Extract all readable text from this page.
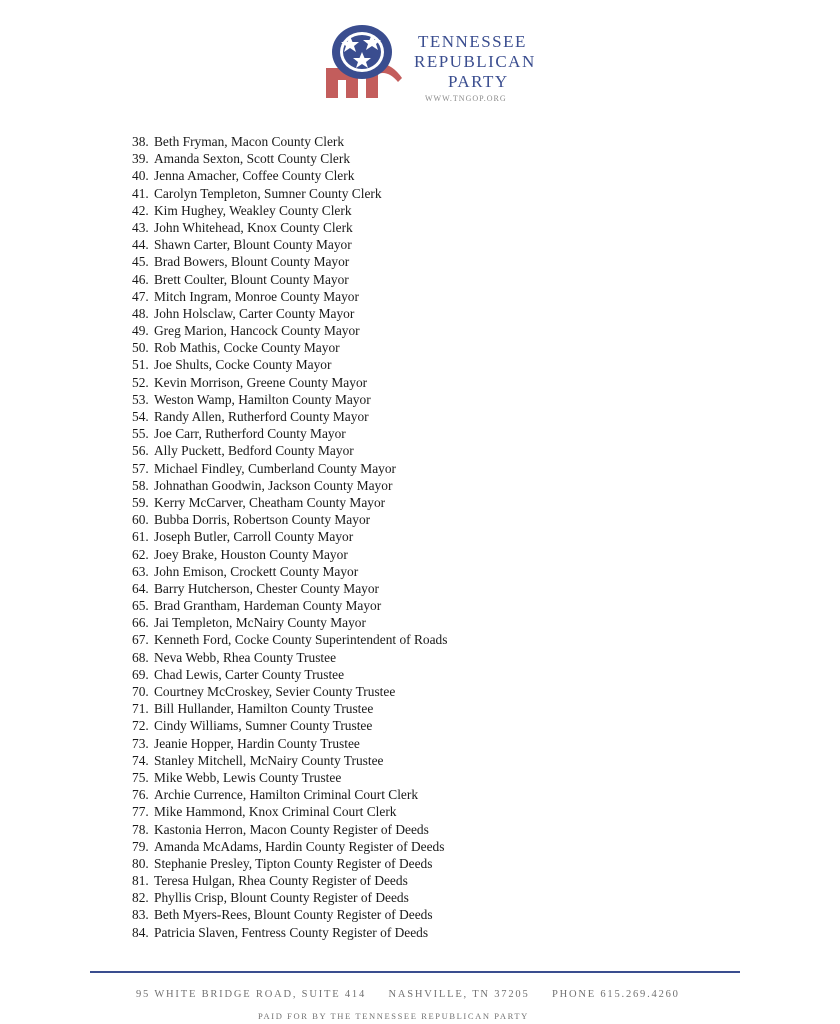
TENNESSEE
REPUBLICAN
PARTY
WWW.TNGOP.ORG
38. Beth Fryman, Macon County Clerk
39. Amanda Sexton, Scott County Clerk
40. Jenna Amacher, Coffee County Clerk
41. Carolyn Templeton, Sumner County Clerk
42. Kim Hughey, Weakley County Clerk
43. John Whitehead, Knox County Clerk
44. Shawn Carter, Blount County Mayor
45. Brad Bowers, Blount County Mayor
46. Brett Coulter, Blount County Mayor
47. Mitch Ingram, Monroe County Mayor
48. John Holsclaw, Carter County Mayor
49. Greg Marion, Hancock County Mayor
50. Rob Mathis, Cocke County Mayor
51. Joe Shults, Cocke County Mayor
52. Kevin Morrison, Greene County Mayor
53. Weston Wamp, Hamilton County Mayor
54. Randy Allen, Rutherford County Mayor
55. Joe Carr, Rutherford County Mayor
56. Ally Puckett, Bedford County Mayor
57. Michael Findley, Cumberland County Mayor
58. Johnathan Goodwin, Jackson County Mayor
59. Kerry McCarver, Cheatham County Mayor
60. Bubba Dorris, Robertson County Mayor
61. Joseph Butler, Carroll County Mayor
62. Joey Brake, Houston County Mayor
63. John Emison, Crockett County Mayor
64. Barry Hutcherson, Chester County Mayor
65. Brad Grantham, Hardeman County Mayor
66. Jai Templeton, McNairy County Mayor
67. Kenneth Ford, Cocke County Superintendent of Roads
68. Neva Webb, Rhea County Trustee
69. Chad Lewis, Carter County Trustee
70. Courtney McCroskey, Sevier County Trustee
71. Bill Hullander, Hamilton County Trustee
72. Cindy Williams, Sumner County Trustee
73. Jeanie Hopper, Hardin County Trustee
74. Stanley Mitchell, McNairy County Trustee
75. Mike Webb, Lewis County Trustee
76. Archie Currence, Hamilton Criminal Court Clerk
77. Mike Hammond, Knox Criminal Court Clerk
78. Kastonia Herron, Macon County Register of Deeds
79. Amanda McAdams, Hardin County Register of Deeds
80. Stephanie Presley, Tipton County Register of Deeds
81. Teresa Hulgan, Rhea County Register of Deeds
82. Phyllis Crisp, Blount County Register of Deeds
83. Beth Myers-Rees, Blount County Register of Deeds
84. Patricia Slaven, Fentress County Register of Deeds
95 WHITE BRIDGE ROAD, SUITE 414 NASHVILLE, TN 37205 PHONE 615.269.4260
PAID FOR BY THE TENNESSEE REPUBLICAN PARTY
